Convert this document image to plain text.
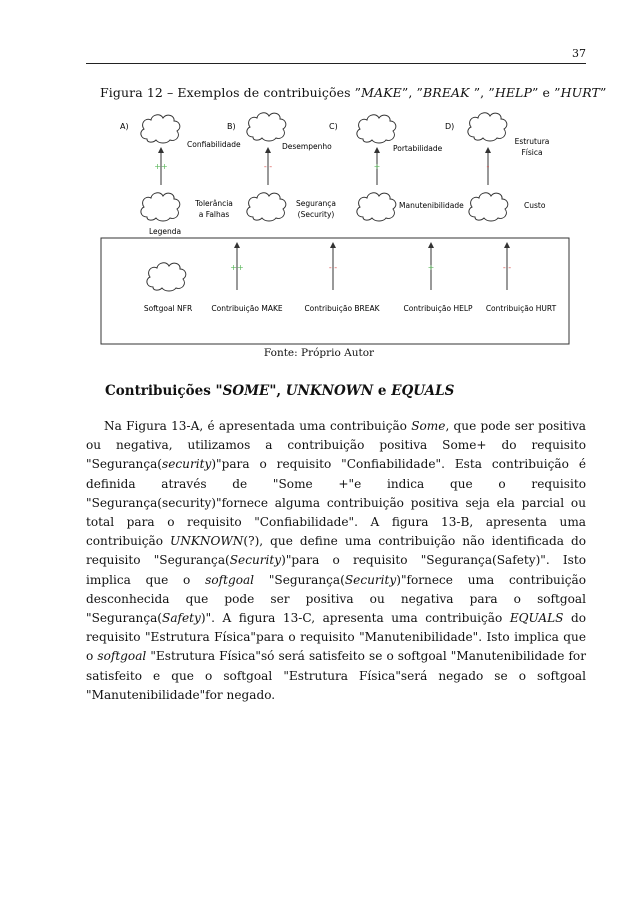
37
Figura 12 – Exemplos de contribuições ”MAKE”, ”BREAK ”, ”HELP” e ”HURT”
A)
++
Confiabilidade
Tolerância
a Falhas
B)
- -
Desempenho
Segurança
(Security)
C)
+
Portabilidade
Manutenibilidade
D)
-
Estrutura
Física
Custo
Legenda
Softgoal NFR
++
Contribuição MAKE
- -
Contribuição BREAK
+
Contribuição HELP
- -
Contribuição HURT
Fonte: Próprio Autor
Contribuições "SOME", UNKNOWN e EQUALS
Na Figura 13-A, é apresentada uma contribuição Some, que pode ser positiva ou negativa, utilizamos a contribuição positiva Some+ do requisito "Segurança(security)"para o requisito "Confiabilidade". Esta contribuição é definida através de "Some +"e indica que o requisito "Segurança(security)"fornece alguma contribuição positiva seja ela parcial ou total para o requisito "Confiabilidade". A figura 13-B, apresenta uma contribuição UNKNOWN(?), que define uma contribuição não identificada do requisito "Segurança(Security)"para o requisito "Segurança(Safety)". Isto implica que o softgoal "Segurança(Security)"fornece uma contribuição desconhecida que pode ser positiva ou negativa para o softgoal "Segurança(Safety)". A figura 13-C, apresenta uma contribuição EQUALS do requisito "Estrutura Física"para o requisito "Manutenibilidade". Isto implica que o softgoal "Estrutura Física"só será satisfeito se o softgoal "Manutenibilidade for satisfeito e que o softgoal "Estrutura Física"será negado se o softgoal "Manutenibilidade"for negado.
